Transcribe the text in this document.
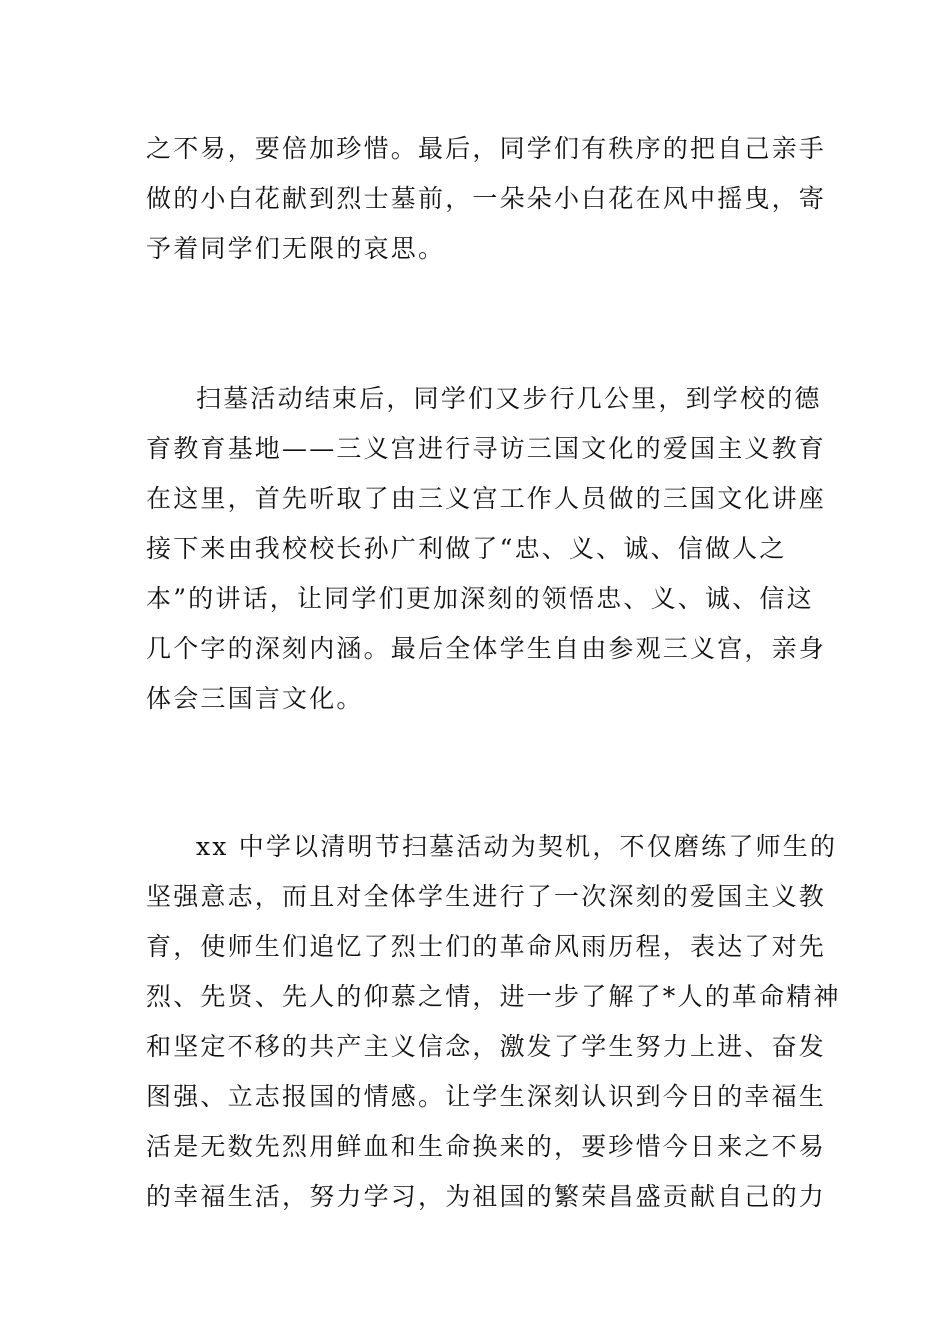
之不易，要倍加珍惜。最后，同学们有秩序的把自己亲手
做的小白花献到烈士墓前，一朵朵小白花在风中摇曳，寄
予着同学们无限的哀思。
扫墓活动结束后，同学们又步行几公里，到学校的德
育教育基地——三义宫进行寻访三国文化的爱国主义教育
在这里，首先听取了由三义宫工作人员做的三国文化讲座
接下来由我校校长孙广利做了“忠、义、诚、信做人之
本”的讲话，让同学们更加深刻的领悟忠、义、诚、信这
几个字的深刻内涵。最后全体学生自由参观三义宫，亲身
体会三国言文化。
xx 中学以清明节扫墓活动为契机，不仅磨练了师生的
坚强意志，而且对全体学生进行了一次深刻的爱国主义教
育，使师生们追忆了烈士们的革命风雨历程，表达了对先
烈、先贤、先人的仰慕之情，进一步了解了*人的革命精神
和坚定不移的共产主义信念，激发了学生努力上进、奋发
图强、立志报国的情感。让学生深刻认识到今日的幸福生
活是无数先烈用鲜血和生命换来的，要珍惜今日来之不易
的幸福生活，努力学习，为祖国的繁荣昌盛贡献自己的力
